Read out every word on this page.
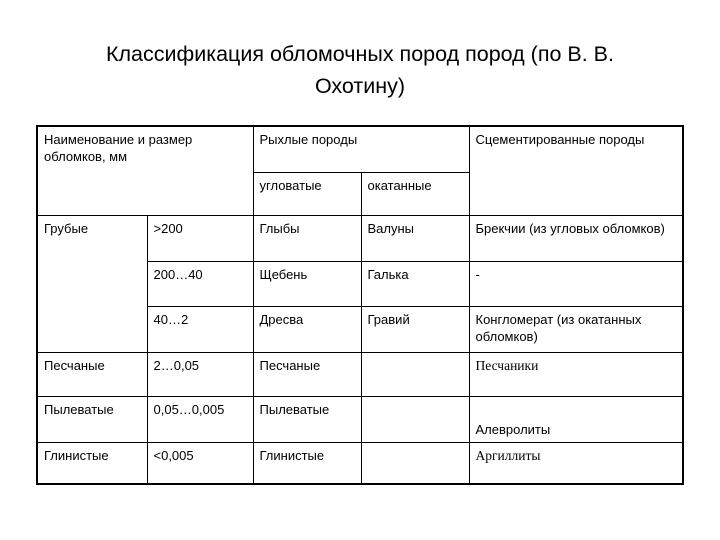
Классификация обломочных пород пород (по В. В.
Охотину)
Наименование и размер обломков, мм		Рыхлые породы		Сцементированные породы
		угловатые	окатанные	
Грубые	>200	Глыбы	Валуны	Брекчии (из угловых обломков)
	200…40	Щебень	Галька	-
	40…2	Дресва	Гравий	Конгломерат (из окатанных обломков)
Песчаные	2…0,05	Песчаные		Песчаники
Пылеватые	0,05…0,005	Пылеватые		Алевролиты
Глинистые	<0,005	Глинистые		Аргиллиты
